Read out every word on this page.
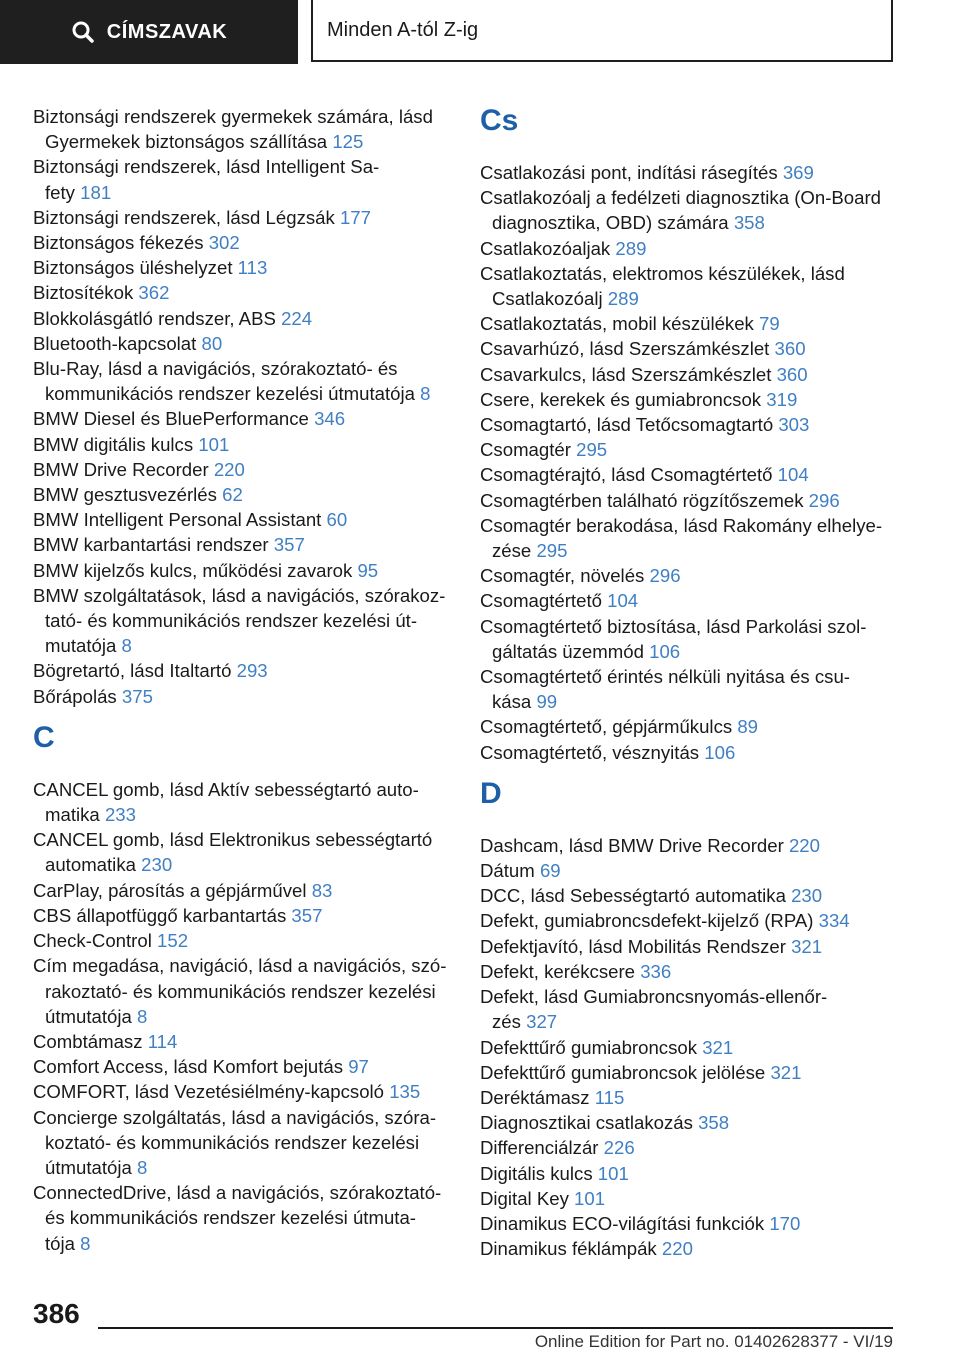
CÍMSZAVAK	Minden A-tól Z-ig
Biztonsági rendszerek gyermekek számára, lásd
Gyermekek biztonságos szállítása 125
Biztonsági rendszerek, lásd Intelligent Sa-
fety 181
Biztonsági rendszerek, lásd Légzsák 177
Biztonságos fékezés 302
Biztonságos üléshelyzet 113
Biztosítékok 362
Blokkolásgátló rendszer, ABS 224
Bluetooth-kapcsolat 80
Blu-Ray, lásd a navigációs, szórakoztató- és
kommunikációs rendszer kezelési útmutatója 8
BMW Diesel és BluePerformance 346
BMW digitális kulcs 101
BMW Drive Recorder 220
BMW gesztusvezérlés 62
BMW Intelligent Personal Assistant 60
BMW karbantartási rendszer 357
BMW kijelzős kulcs, működési zavarok 95
BMW szolgáltatások, lásd a navigációs, szórakoz-
tató- és kommunikációs rendszer kezelési út-
mutatója 8
Bögretartó, lásd Italtartó 293
Bőrápolás 375
C
CANCEL gomb, lásd Aktív sebességtartó auto-
matika 233
CANCEL gomb, lásd Elektronikus sebességtartó
automatika 230
CarPlay, párosítás a gépjárművel 83
CBS állapotfüggő karbantartás 357
Check-Control 152
Cím megadása, navigáció, lásd a navigációs, szó-
rakoztató- és kommunikációs rendszer kezelési
útmutatója 8
Combtámasz 114
Comfort Access, lásd Komfort bejutás 97
COMFORT, lásd Vezetésiélmény-kapcsoló 135
Concierge szolgáltatás, lásd a navigációs, szóra-
koztató- és kommunikációs rendszer kezelési
útmutatója 8
ConnectedDrive, lásd a navigációs, szórakoztató-
és kommunikációs rendszer kezelési útmuta-
tója 8
Cs
Csatlakozási pont, indítási rásegítés 369
Csatlakozóalj a fedélzeti diagnosztika (On-Board
diagnosztika, OBD) számára 358
Csatlakozóaljak 289
Csatlakoztatás, elektromos készülékek, lásd
Csatlakozóalj 289
Csatlakoztatás, mobil készülékek 79
Csavarhúzó, lásd Szerszámkészlet 360
Csavarkulcs, lásd Szerszámkészlet 360
Csere, kerekek és gumiabroncsok 319
Csomagtartó, lásd Tetőcsomagtartó 303
Csomagtér 295
Csomagtérajtó, lásd Csomagtértető 104
Csomagtérben található rögzítőszemek 296
Csomagtér berakodása, lásd Rakomány elhelye-
zése 295
Csomagtér, növelés 296
Csomagtértető 104
Csomagtértető biztosítása, lásd Parkolási szol-
gáltatás üzemmód 106
Csomagtértető érintés nélküli nyitása és csu-
kása 99
Csomagtértető, gépjárműkulcs 89
Csomagtértető, vésznyitás 106
D
Dashcam, lásd BMW Drive Recorder 220
Dátum 69
DCC, lásd Sebességtartó automatika 230
Defekt, gumiabroncsdefekt-kijelző (RPA) 334
Defektjavító, lásd Mobilitás Rendszer 321
Defekt, kerékcsere 336
Defekt, lásd Gumiabroncsnyomás-ellenőr-
zés 327
Defekttűrő gumiabroncsok 321
Defekttűrő gumiabroncsok jelölése 321
Deréktámasz 115
Diagnosztikai csatlakozás 358
Differenciálzár 226
Digitális kulcs 101
Digital Key 101
Dinamikus ECO-világítási funkciók 170
Dinamikus féklámpák 220
386
Online Edition for Part no. 01402628377 - VI/19
